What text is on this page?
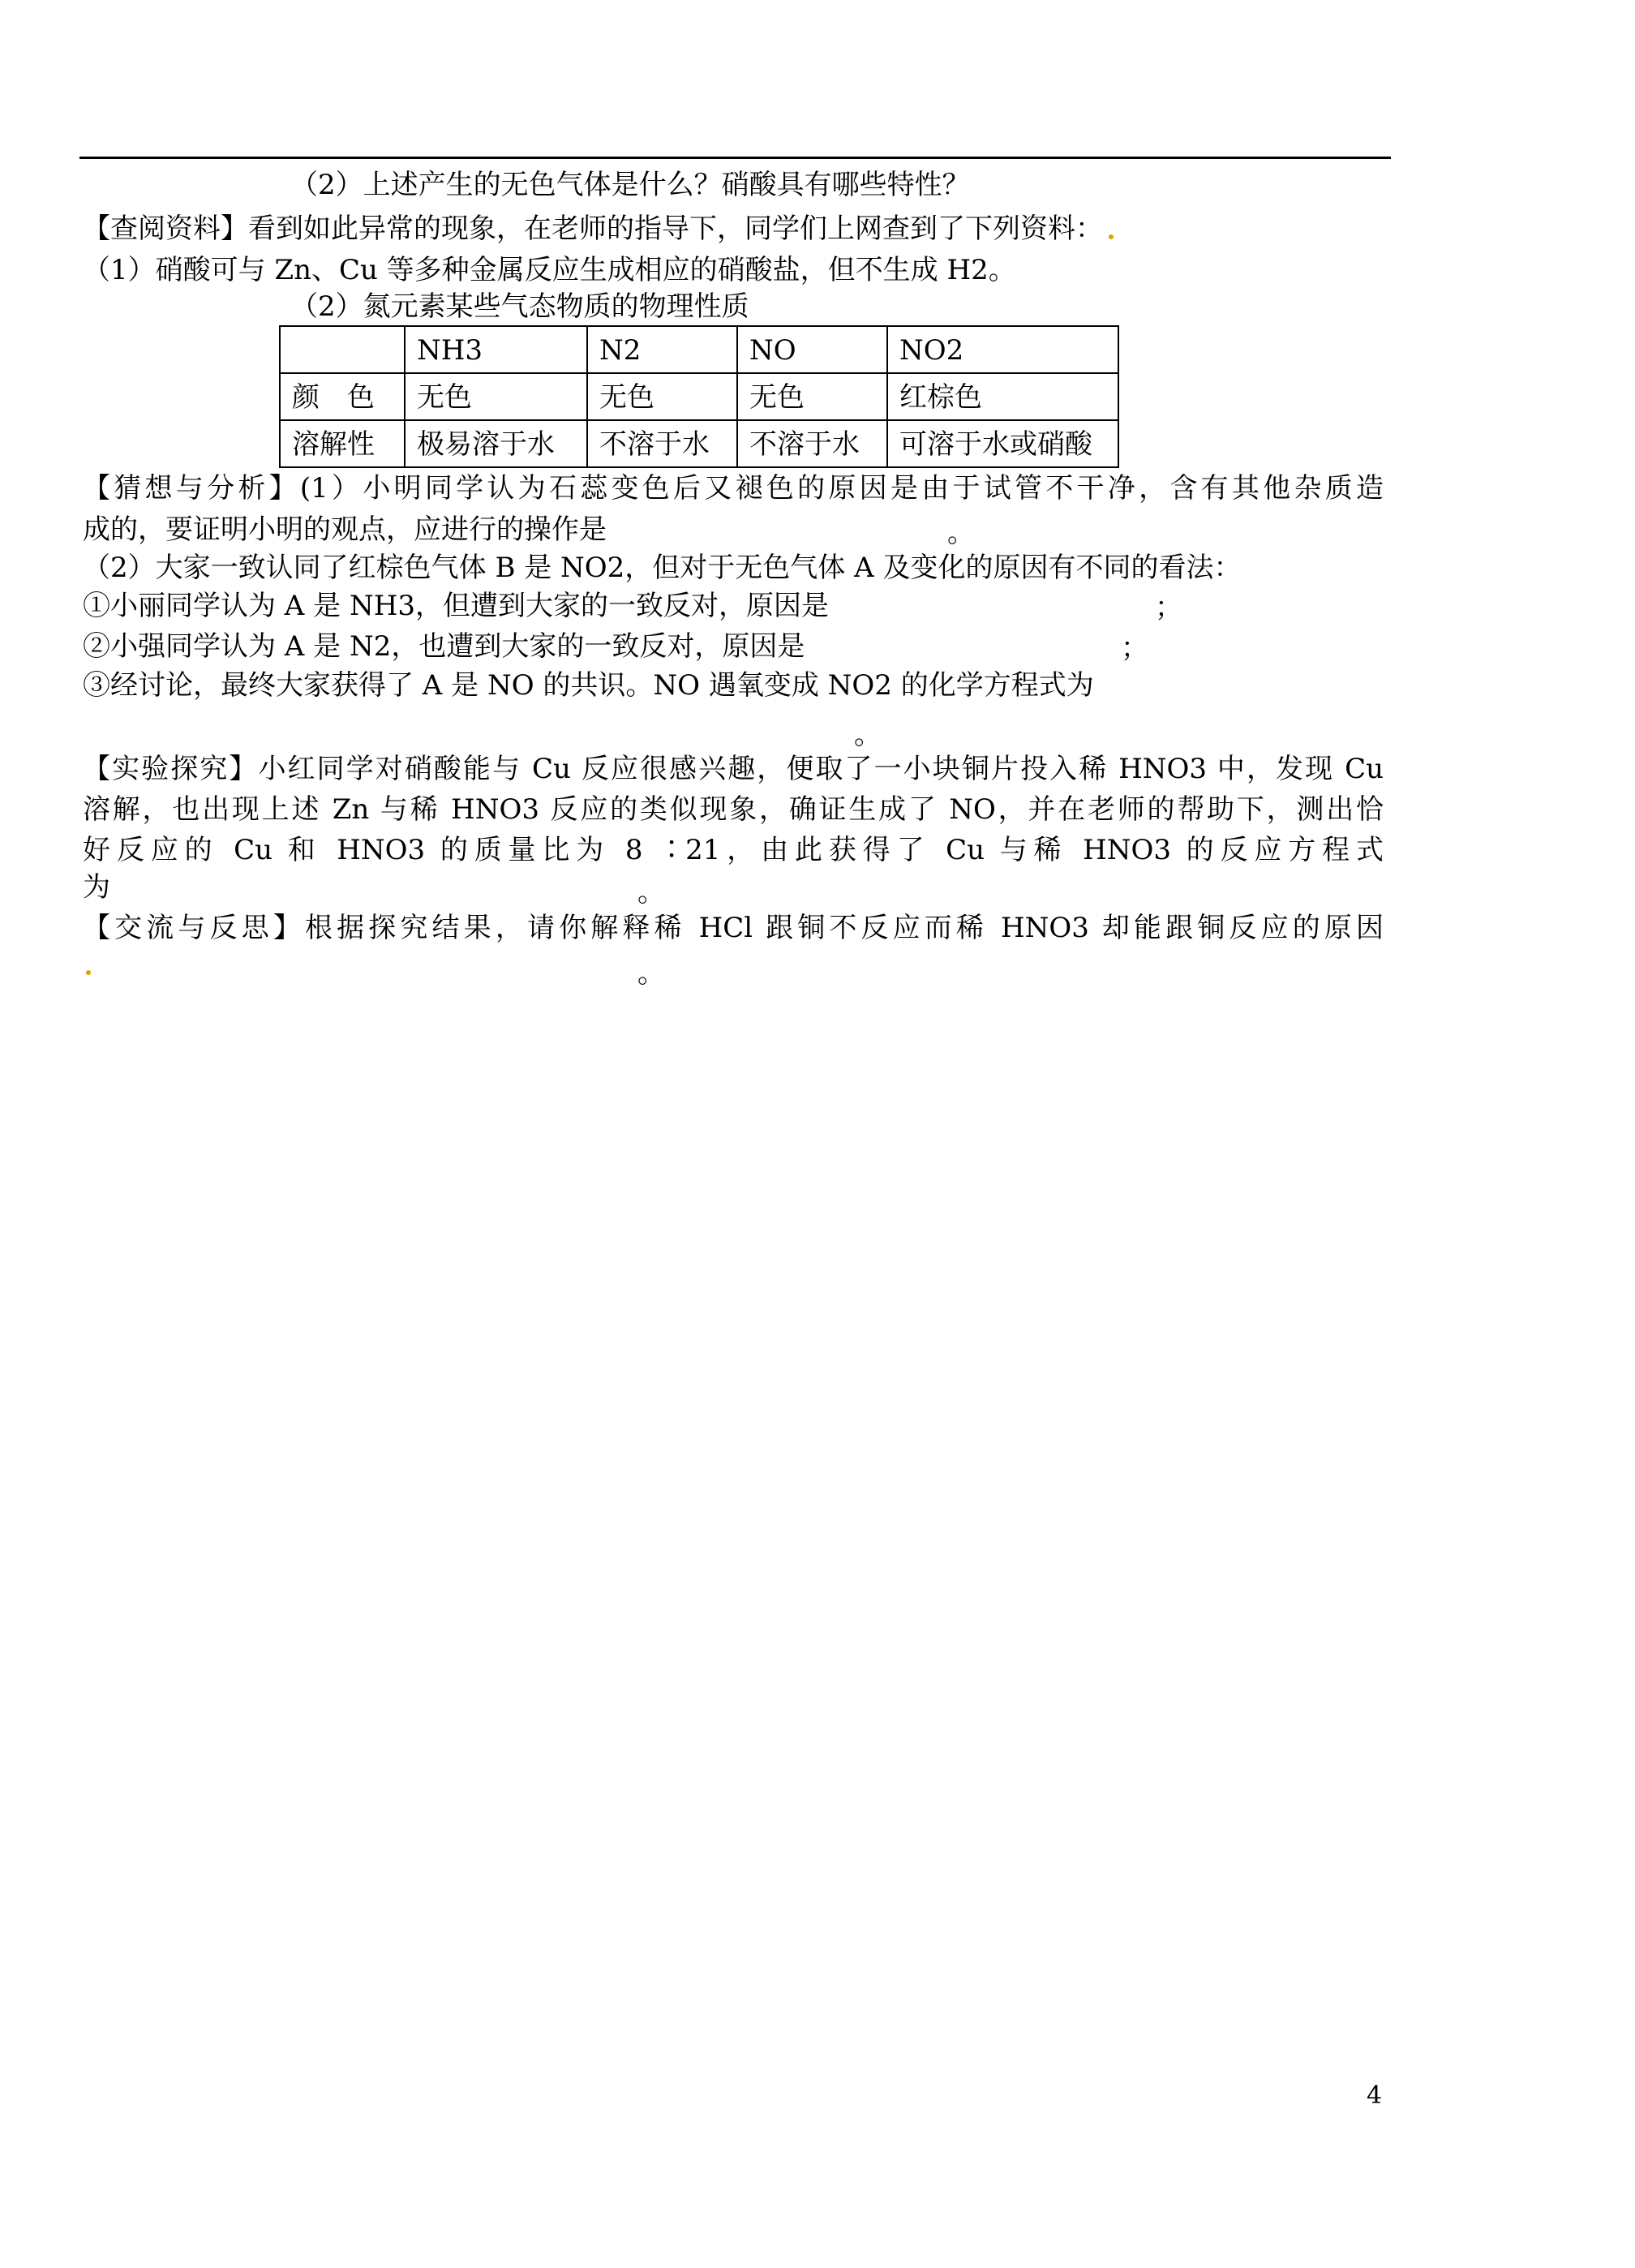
（2）上述产生的无色气体是什么？硝酸具有哪些特性？
【查阅资料】看到如此异常的现象，在老师的指导下，同学们上网查到了下列资料：
（1）硝酸可与 Zn、Cu 等多种金属反应生成相应的硝酸盐，但不生成 H2。
（2）氮元素某些气态物质的物理性质
	NH3	N2	NO	NO2
颜　色	无色	无色	无色	红棕色
溶解性	极易溶于水	不溶于水	不溶于水	可溶于水或硝酸
【猜想与分析】(1）小明同学认为石蕊变色后又褪色的原因是由于试管不干净，含有其他杂质造
成的，要证明小明的观点，应进行的操作是	。
（2）大家一致认同了红棕色气体 B 是 NO2，但对于无色气体 A 及变化的原因有不同的看法：
①小丽同学认为 A 是 NH3，但遭到大家的一致反对，原因是	；
②小强同学认为 A 是 N2，也遭到大家的一致反对，原因是	；
③经讨论，最终大家获得了 A 是 NO 的共识。NO 遇氧变成 NO2 的化学方程式为
。
【实验探究】小红同学对硝酸能与 Cu 反应很感兴趣，便取了一小块铜片投入稀 HNO3 中，发现 Cu
溶解，也出现上述 Zn 与稀 HNO3 反应的类似现象，确证生成了 NO，并在老师的帮助下，测出恰
好反应的 Cu 和 HNO3 的质量比为 8 ∶21，由此获得了 Cu 与稀 HNO3 的反应方程式
为	。
【交流与反思】根据探究结果，请你解释稀 HCl 跟铜不反应而稀 HNO3 却能跟铜反应的原因
。
4
